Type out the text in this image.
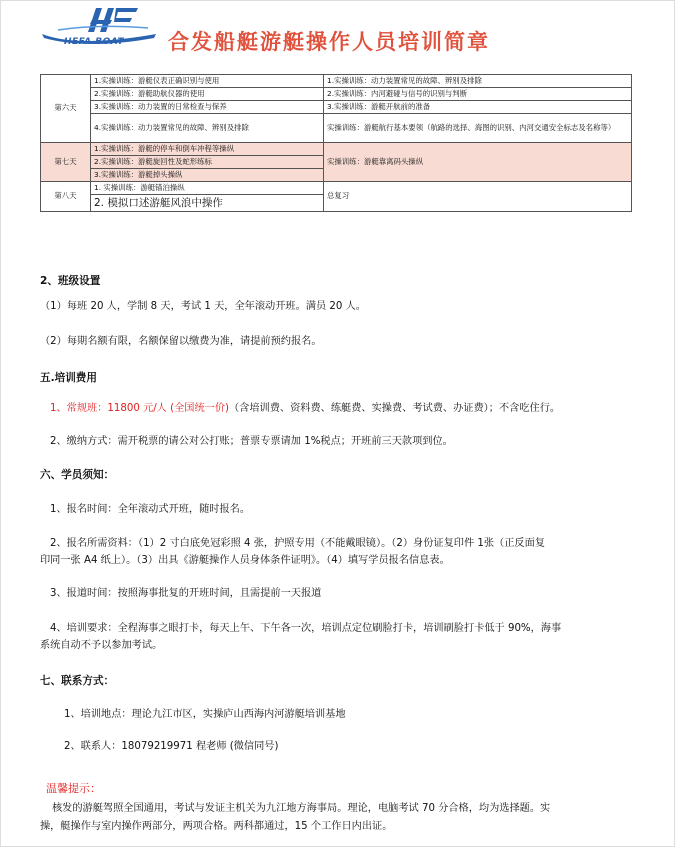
HEFA BOAT 合发船艇游艇操作人员培训简章
第六天	1.实操训练：游艇仪表正确识别与使用	1.实操训练：动力装置常见的故障、辨别及排除
	2.实操训练：游艇助航仪器的使用	2.实操训练：内河避碰与信号的识别与判断
	3.实操训练：动力装置的日常检查与保养	3.实操训练：游艇开航前的准备
	4.实操训练：动力装置常见的故障、辨别及排除	实操训练：游艇航行基本要领（航路的选择、海图的识别、内河交通安全标志及名称等）
第七天	1.实操训练：游艇的停车和倒车冲程等操纵	实操训练：游艇靠离码头操纵
	2.实操训练：游艇旋回性及蛇形练标	
	3.实操训练：游艇掉头操纵	
第八天	1. 实操训练：游艇锚泊操纵	总复习
	2. 模拟口述游艇风浪中操作	
2、班级设置
（1）每班 20 人，学制 8 天，考试 1 天，全年滚动开班。满员 20 人。
（2）每期名额有限，名额保留以缴费为准，请提前预约报名。
五.培训费用
1、常规班：11800 元/人 (全国统一价)（含培训费、资料费、练艇费、实操费、考试费、办证费）；不含吃住行。
2、缴纳方式：需开税票的请公对公打账；普票专票请加 1%税点；开班前三天款项到位。
六、学员须知：
1、报名时间：全年滚动式开班，随时报名。
2、报名所需资料：（1）2 寸白底免冠彩照 4 张，护照专用（不能戴眼镜）。（2）身份证复印件 1张（正反面复
印同一张 A4 纸上）。（3）出具《游艇操作人员身体条件证明》。（4）填写学员报名信息表。
3、报道时间：按照海事批复的开班时间，且需提前一天报道
4、培训要求：全程海事之眼打卡，每天上午、下午各一次，培训点定位刷脸打卡，培训刷脸打卡低于 90%，海事
系统自动不予以参加考试。
七、联系方式：
1、培训地点：理论九江市区，实操庐山西海内河游艇培训基地
2、联系人：18079219971 程老师 (微信同号)
温馨提示：
核发的游艇驾照全国通用，考试与发证主机关为九江地方海事局。理论，电脑考试 70 分合格，均为选择题。实
操，艇操作与室内操作两部分，两项合格。两科都通过，15 个工作日内出证。
